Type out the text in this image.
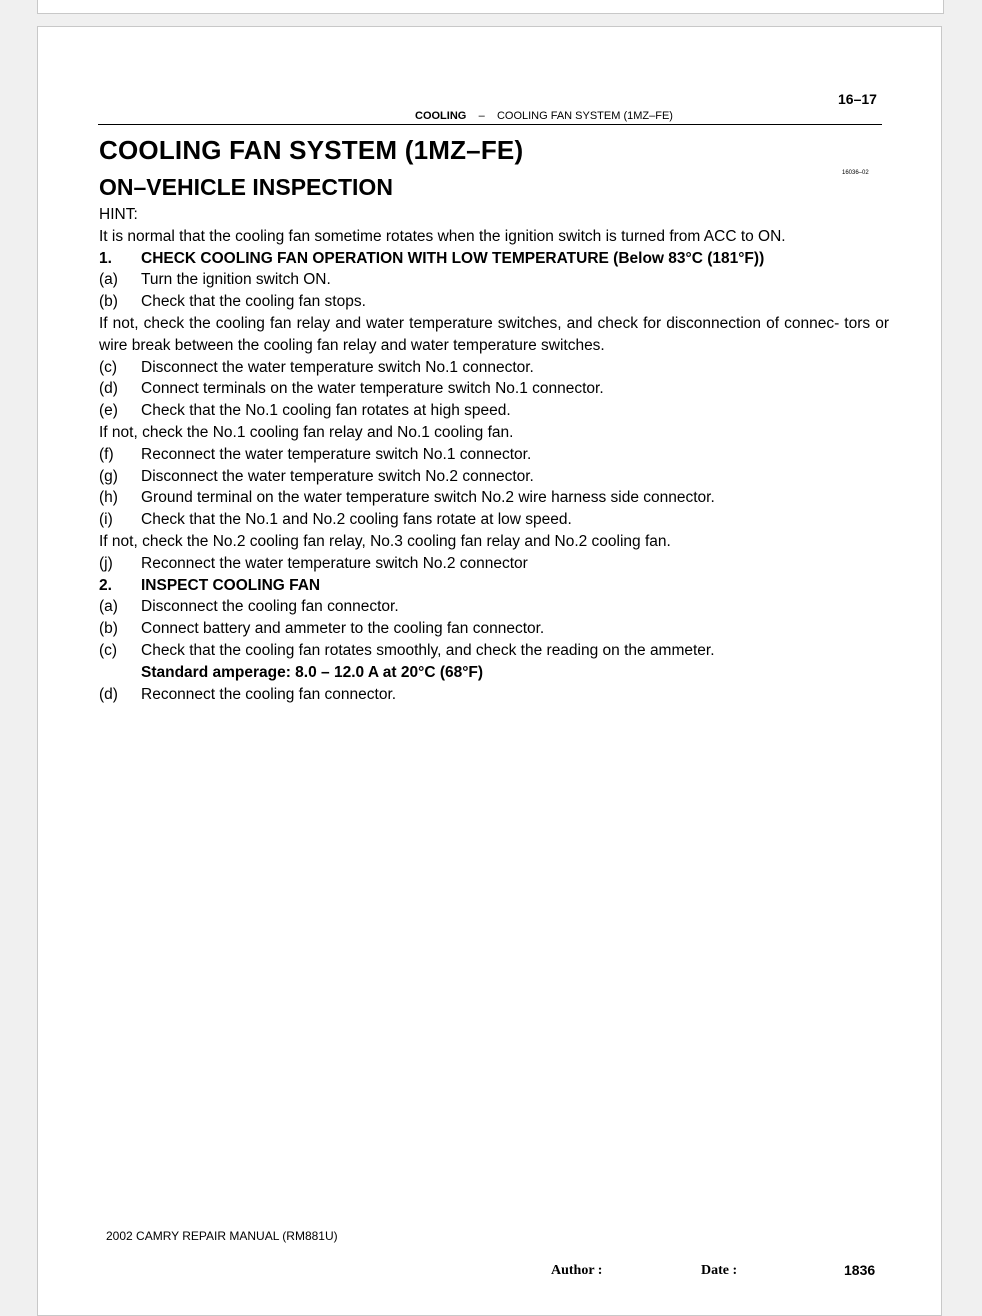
16–17
COOLING – COOLING FAN SYSTEM (1MZ–FE)
COOLING FAN SYSTEM (1MZ–FE)
ON–VEHICLE INSPECTION
16036–02
HINT:
It is normal that the cooling fan sometime rotates when the ignition switch is turned from ACC to ON.
1. CHECK COOLING FAN OPERATION WITH LOW TEMPERATURE (Below 83°C (181°F))
(a) Turn the ignition switch ON.
(b) Check that the cooling fan stops.
If not, check the cooling fan relay and water temperature switches, and check for disconnection of connec- tors or wire break between the cooling fan relay and water temperature switches.
(c) Disconnect the water temperature switch No.1 connector.
(d) Connect terminals on the water temperature switch No.1 connector.
(e) Check that the No.1 cooling fan rotates at high speed.
If not, check the No.1 cooling fan relay and No.1 cooling fan.
(f) Reconnect the water temperature switch No.1 connector.
(g) Disconnect the water temperature switch No.2 connector.
(h) Ground terminal on the water temperature switch No.2 wire harness side connector.
(i) Check that the No.1 and No.2 cooling fans rotate at low speed.
If not, check the No.2 cooling fan relay, No.3 cooling fan relay and No.2 cooling fan.
(j) Reconnect the water temperature switch No.2 connector
2. INSPECT COOLING FAN
(a) Disconnect the cooling fan connector.
(b) Connect battery and ammeter to the cooling fan connector.
(c) Check that the cooling fan rotates smoothly, and check the reading on the ammeter.
Standard amperage: 8.0 – 12.0 A at 20°C (68°F)
(d) Reconnect the cooling fan connector.
2002 CAMRY REPAIR MANUAL (RM881U)
Author :	Date :	1836
